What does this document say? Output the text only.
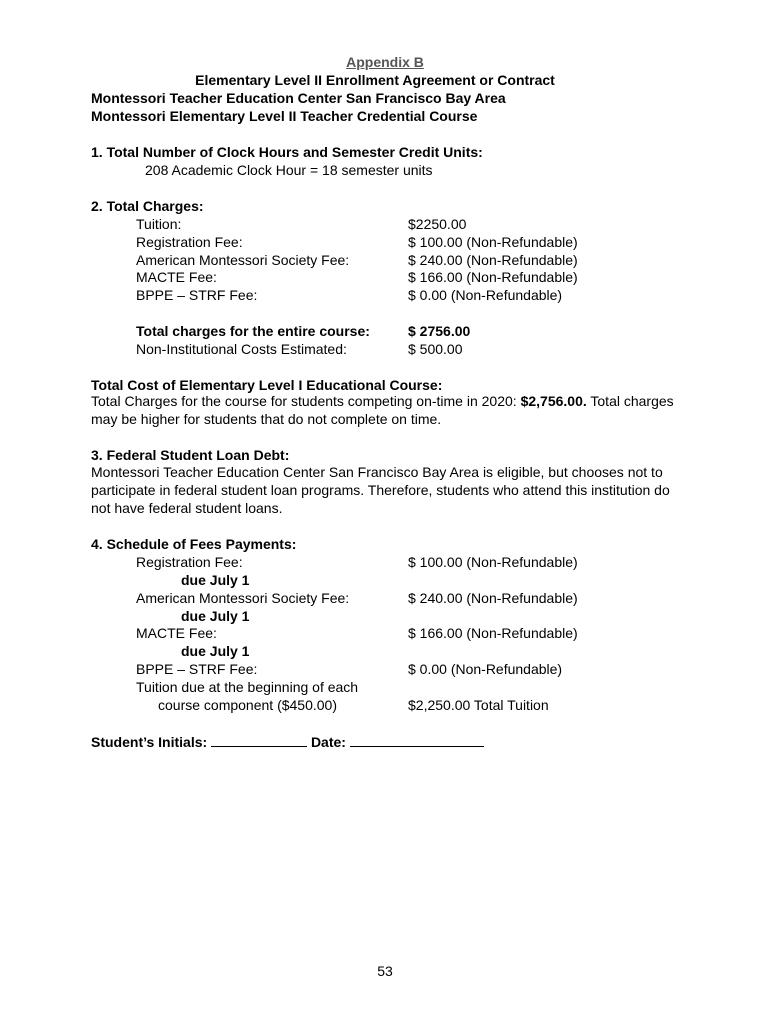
Appendix B
Elementary Level II Enrollment Agreement or Contract
Montessori Teacher Education Center San Francisco Bay Area
Montessori Elementary Level II Teacher Credential Course
1. Total Number of Clock Hours and Semester Credit Units:
208 Academic Clock Hour = 18 semester units
2. Total Charges:
Tuition:	$2250.00
Registration Fee:	$ 100.00 (Non-Refundable)
American Montessori Society Fee:	$ 240.00 (Non-Refundable)
MACTE Fee:	$ 166.00 (Non-Refundable)
BPPE – STRF Fee:	$ 0.00 (Non-Refundable)
Total charges for the entire course:	$ 2756.00
Non-Institutional Costs Estimated:	$ 500.00
Total Cost of Elementary Level I Educational Course:
Total Charges for the course for students competing on-time in 2020: $2,756.00. Total charges may be higher for students that do not complete on time.
3. Federal Student Loan Debt:
Montessori Teacher Education Center San Francisco Bay Area is eligible, but chooses not to participate in federal student loan programs. Therefore, students who attend this institution do not have federal student loans.
4. Schedule of Fees Payments:
Registration Fee:	$ 100.00 (Non-Refundable)
due July 1
American Montessori Society Fee:	$ 240.00 (Non-Refundable)
due July 1
MACTE Fee:	$ 166.00 (Non-Refundable)
due July 1
BPPE – STRF Fee:	$ 0.00 (Non-Refundable)
Tuition due at the beginning of each
course component ($450.00)	$2,250.00 Total Tuition
Student’s Initials:	Date:
53
